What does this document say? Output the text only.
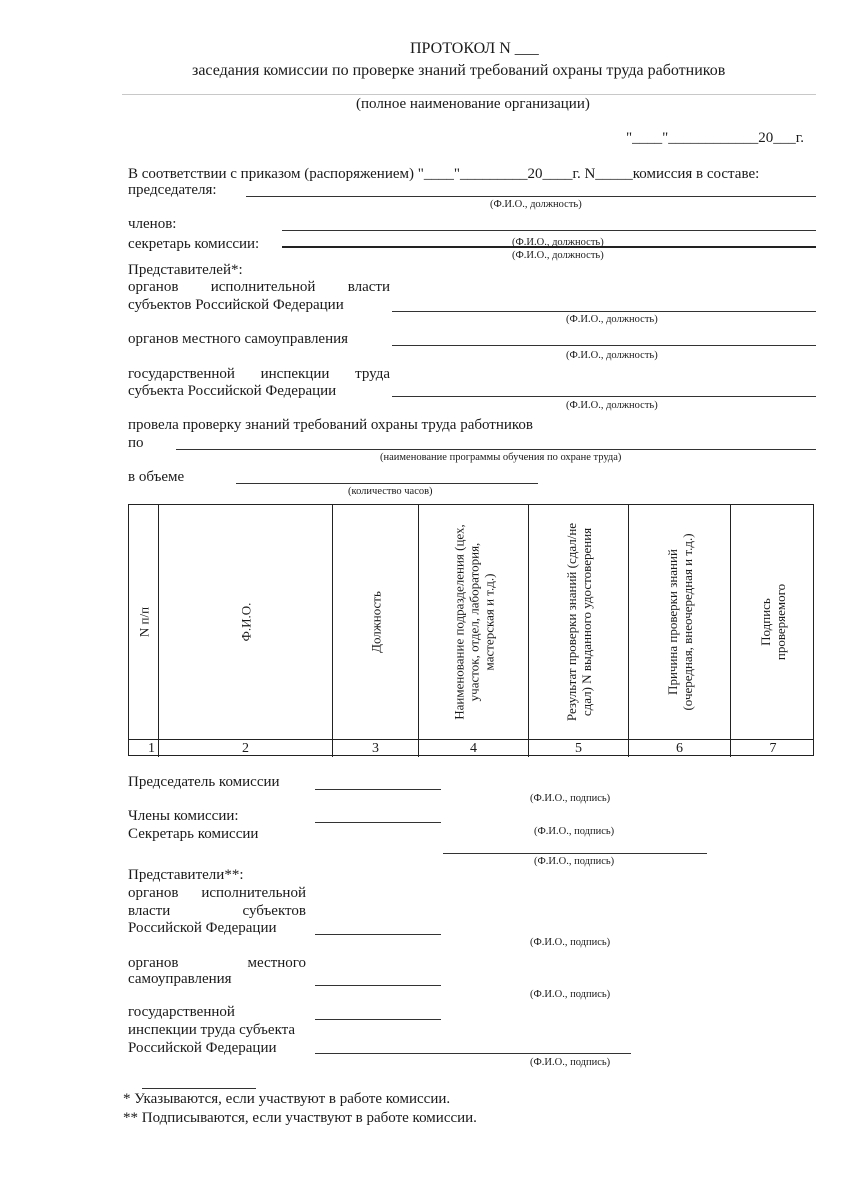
ПРОТОКОЛ N ___
заседания комиссии по проверке знаний требований охраны труда работников
(полное наименование организации)
"____"____________20___г.
В соответствии с приказом (распоряжением) "____"_________20____г. N_____комиссия в составе:
председателя:
(Ф.И.О., должность)
членов:
секретарь комиссии:	(Ф.И.О., должность)
(Ф.И.О., должность)
Представителей*:
органов исполнительной власти
субъектов Российской Федерации
(Ф.И.О., должность)
органов местного самоуправления
(Ф.И.О., должность)
государственной инспекции труда
субъекта Российской Федерации
(Ф.И.О., должность)
провела проверку знаний требований охраны труда работников
по
(наименование программы обучения по охране труда)
в объеме
(количество часов)
N п/п	Ф.И.О.	Должность	Наименование подразделения (цех, участок, отдел, лаборатория, мастерская и т.д.)	Результат проверки знаний (сдал/не сдал) N выданного удостоверения	Причина проверки знаний (очередная, внеочередная и т.д.)	Подпись проверяемого
1	2	3	4	5	6	7
Председатель комиссии
(Ф.И.О., подпись)
Члены комиссии:
Секретарь комиссии	(Ф.И.О., подпись)
(Ф.И.О., подпись)
Представители**:
органов исполнительной
власти субъектов
Российской Федерации
(Ф.И.О., подпись)
органов местного
самоуправления
(Ф.И.О., подпись)
государственной
инспекции труда субъекта
Российской Федерации
(Ф.И.О., подпись)
* Указываются, если участвуют в работе комиссии.
** Подписываются, если участвуют в работе комиссии.
